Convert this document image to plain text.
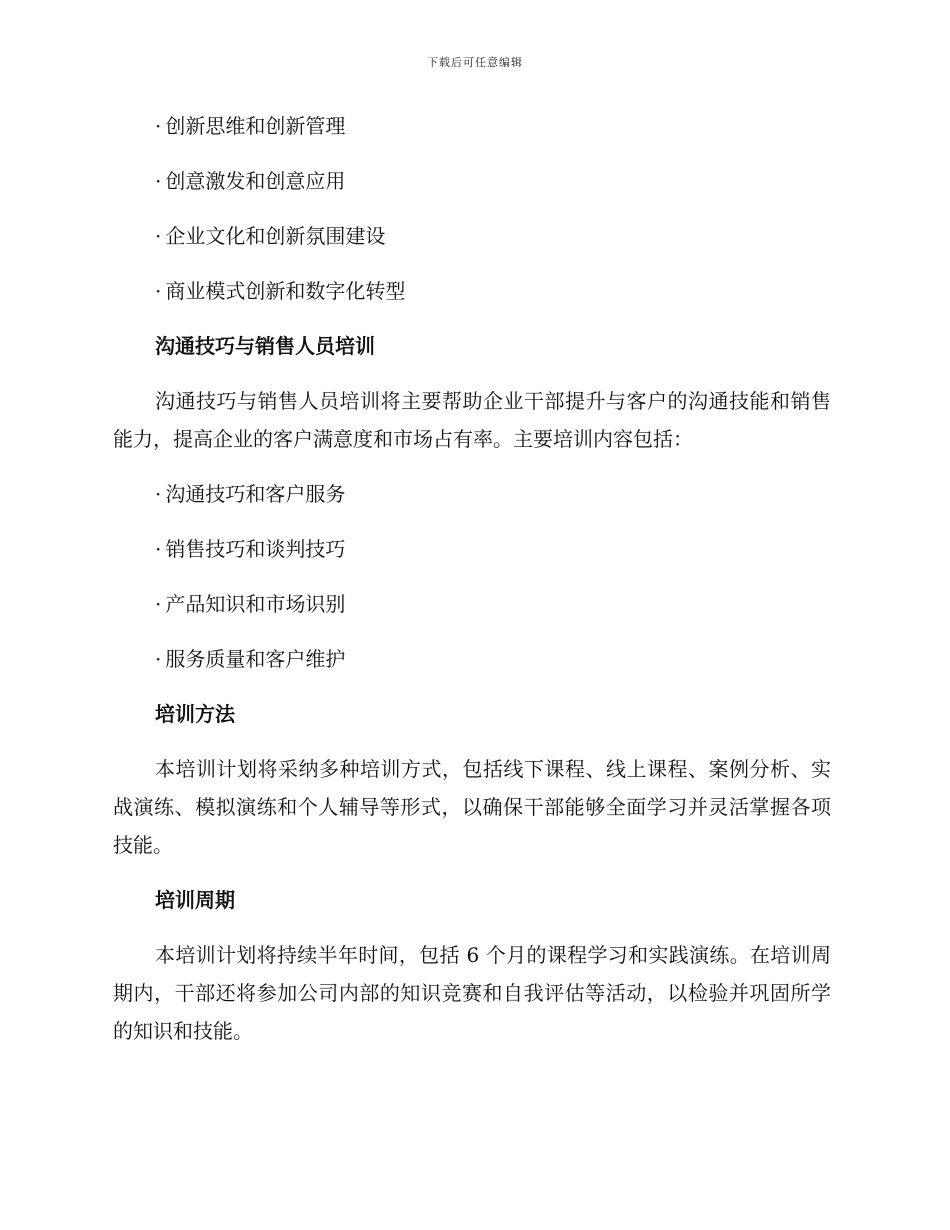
下载后可任意编辑
· 创新思维和创新管理
· 创意激发和创意应用
· 企业文化和创新氛围建设
· 商业模式创新和数字化转型
沟通技巧与销售人员培训
沟通技巧与销售人员培训将主要帮助企业干部提升与客户的沟通技能和销售能力，提高企业的客户满意度和市场占有率。主要培训内容包括：
· 沟通技巧和客户服务
· 销售技巧和谈判技巧
· 产品知识和市场识别
· 服务质量和客户维护
培训方法
本培训计划将采纳多种培训方式，包括线下课程、线上课程、案例分析、实战演练、模拟演练和个人辅导等形式，以确保干部能够全面学习并灵活掌握各项技能。
培训周期
本培训计划将持续半年时间，包括 6 个月的课程学习和实践演练。在培训周期内，干部还将参加公司内部的知识竞赛和自我评估等活动，以检验并巩固所学的知识和技能。
